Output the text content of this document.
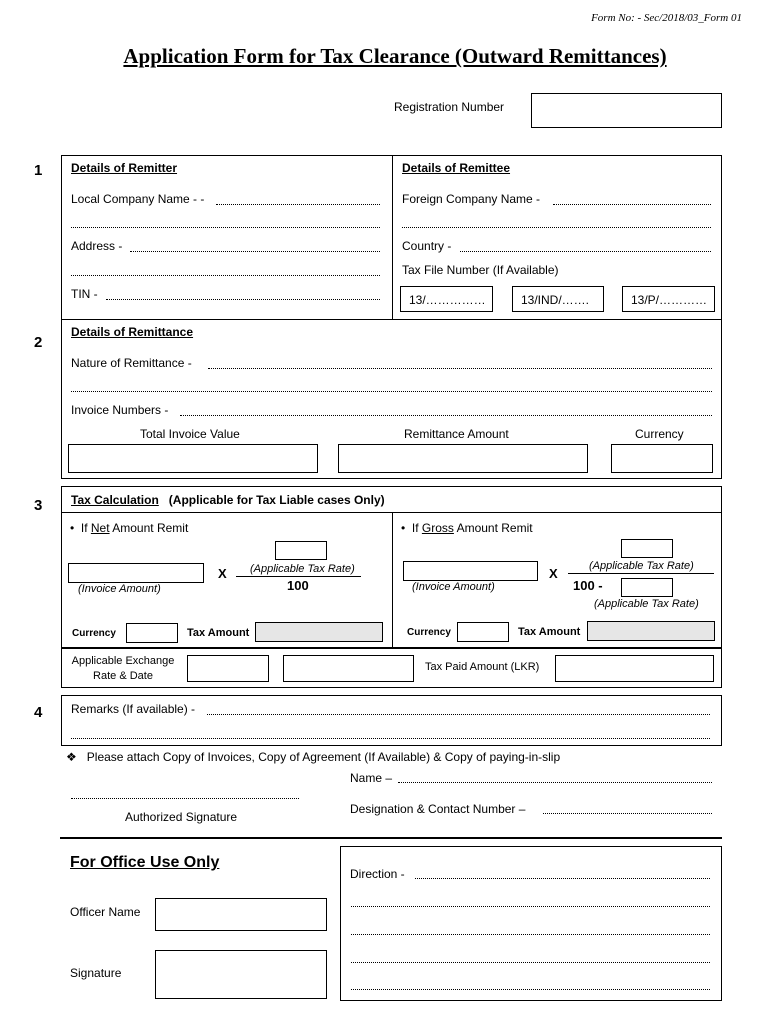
Form No: - Sec/2018/03_Form 01
Application Form for Tax Clearance (Outward Remittances)
Registration Number
1
2
3
4
Details of Remitter
Local Company Name - -
Address -
TIN -
Details of Remittee
Foreign Company Name -
Country -
Tax File Number (If Available)
13/……………	13/IND/…….	13/P/…………
Details of Remittance
Nature of Remittance -
Invoice Numbers -
Total Invoice Value	Remittance Amount	Currency
Tax Calculation (Applicable for Tax Liable cases Only)
• If Net Amount Remit
(Applicable Tax Rate)
100
X
(Invoice Amount)
Currency	Tax Amount
• If Gross Amount Remit
(Applicable Tax Rate)
100 -
(Applicable Tax Rate)
X
(Invoice Amount)
Currency	Tax Amount
Applicable Exchange
Rate & Date
Tax Paid Amount (LKR)
Remarks (If available) -
❖ Please attach Copy of Invoices, Copy of Agreement (If Available) & Copy of paying-in-slip
Name –
Designation & Contact Number –
Authorized Signature
For Office Use Only
Officer Name
Signature
Direction -
